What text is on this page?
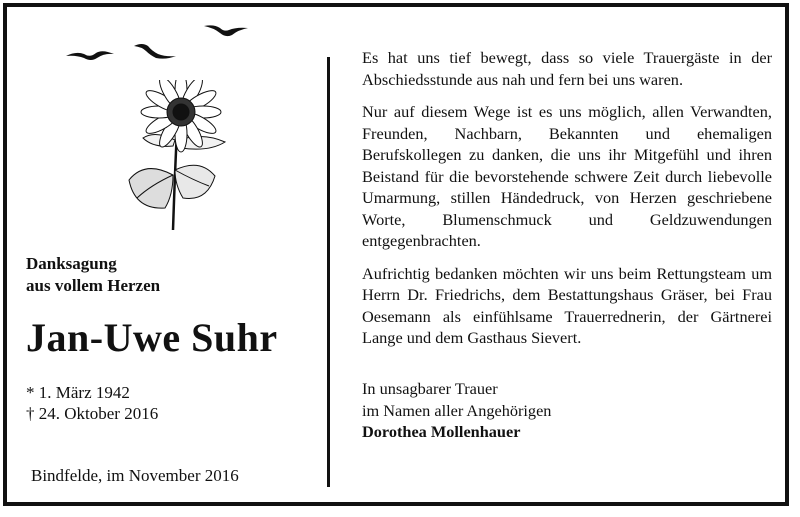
Danksagung
aus vollem Herzen
Jan-Uwe Suhr
* 1. März 1942
† 24. Oktober 2016
Bindfelde, im November 2016

Es hat uns tief bewegt, dass so viele Trauergäste in der Abschiedsstunde aus nah und fern bei uns waren.

Nur auf diesem Wege ist es uns möglich, allen Verwandten, Freunden, Nachbarn, Bekannten und ehemaligen Berufskollegen zu danken, die uns ihr Mitgefühl und ihren Beistand für die bevorstehende schwere Zeit durch liebevolle Umarmung, stillen Händedruck, von Herzen geschriebene Worte, Blumenschmuck und Geldzuwendungen entgegenbrachten.

Aufrichtig bedanken möchten wir uns beim Rettungsteam um Herrn Dr. Friedrichs, dem Bestattungshaus Gräser, bei Frau Oesemann als einfühlsame Trauerrednerin, der Gärtnerei Lange und dem Gasthaus Sievert.

In unsagbarer Trauer
im Namen aller Angehörigen
Dorothea Mollenhauer
